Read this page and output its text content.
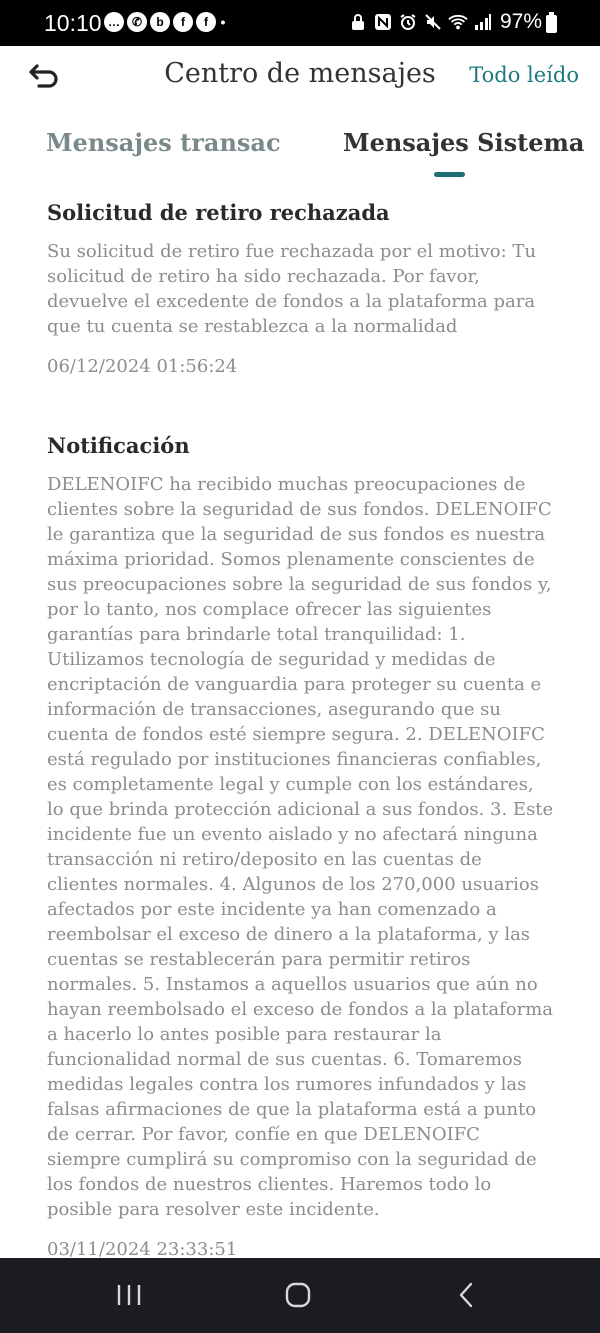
10:10 … ✆	b	f	f •	97%
Centro de mensajes	Todo leído
Mensajes transac	Mensajes Sistema
Solicitud de retiro rechazada
Su solicitud de retiro fue rechazada por el motivo: Tu solicitud de retiro ha sido rechazada. Por favor, devuelve el excedente de fondos a la plataforma para que tu cuenta se restablezca a la normalidad
06/12/2024 01:56:24
Notificación
DELENOIFC ha recibido muchas preocupaciones de clientes sobre la seguridad de sus fondos. DELENOIFC le garantiza que la seguridad de sus fondos es nuestra máxima prioridad. Somos plenamente conscientes de sus preocupaciones sobre la seguridad de sus fondos y, por lo tanto, nos complace ofrecer las siguientes garantías para brindarle total tranquilidad: 1. Utilizamos tecnología de seguridad y medidas de encriptación de vanguardia para proteger su cuenta e información de transacciones, asegurando que su cuenta de fondos esté siempre segura. 2. DELENOIFC está regulado por instituciones financieras confiables, es completamente legal y cumple con los estándares, lo que brinda protección adicional a sus fondos. 3. Este incidente fue un evento aislado y no afectará ninguna transacción ni retiro/deposito en las cuentas de clientes normales. 4. Algunos de los 270,000 usuarios afectados por este incidente ya han comenzado a reembolsar el exceso de dinero a la plataforma, y las cuentas se restablecerán para permitir retiros normales. 5. Instamos a aquellos usuarios que aún no hayan reembolsado el exceso de fondos a la plataforma a hacerlo lo antes posible para restaurar la funcionalidad normal de sus cuentas. 6. Tomaremos medidas legales contra los rumores infundados y las falsas afirmaciones de que la plataforma está a punto de cerrar. Por favor, confíe en que DELENOIFC siempre cumplirá su compromiso con la seguridad de los fondos de nuestros clientes. Haremos todo lo posible para resolver este incidente.
03/11/2024 23:33:51
